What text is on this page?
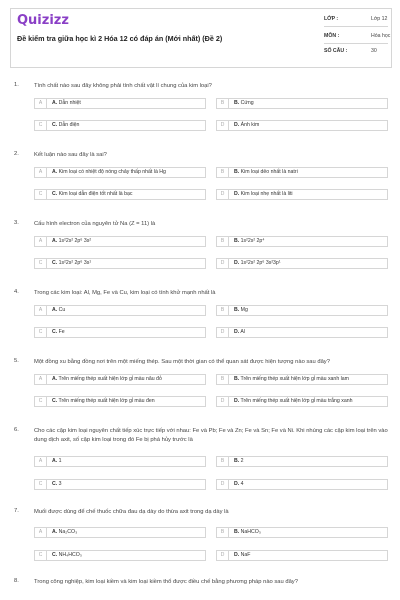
Quizizz
Đề kiểm tra giữa học kì 2 Hóa 12 có đáp án (Mới nhất) (Đề 2)
LỚP :	Lớp 12
MÔN :	Hóa học
SỐ CÂU :	30
1.	Tính chất nào sau đây không phải tính chất vật lí chung của kim loại?
A	A. Dẫn nhiệt	B	B. Cứng
C	C. Dẫn điện	D	D. Ánh kim
2.	Kết luận nào sau đây là sai?
A	A. Kim loại có nhiệt độ nóng chảy thấp nhất là Hg	B	B. Kim loại dẻo nhất là natri
C	C. Kim loại dẫn điện tốt nhất là bạc	D	D. Kim loại nhẹ nhất là liti
3.	Cấu hình electron của nguyên tử Na (Z = 11) là
A	A. 1s²2s² 2p⁶ 3s²	B	B. 1s²2s² 2p⁴
C	C. 1s²2s² 2p⁶ 3s¹	D	D. 1s²2s² 2p⁶ 3s²3p¹
4.	Trong các kim loại: Al, Mg, Fe và Cu, kim loại có tính khử mạnh nhất là
A	A. Cu	B	B. Mg
C	C. Fe	D	D. Al
5.	Một đồng xu bằng đồng nơi trên một miếng thép. Sau một thời gian có thể quan sát được hiện tượng nào sau đây?
A	A. Trên miếng thép xuất hiện lớp gỉ màu nâu đỏ	B	B. Trên miếng thép xuất hiện lớp gỉ màu xanh lam
C	C. Trên miếng thép xuất hiện lớp gỉ màu đen	D	D. Trên miếng thép xuất hiện lớp gỉ màu trắng xanh
6.	Cho các cặp kim loại nguyên chất tiếp xúc trực tiếp với nhau: Fe và Pb; Fe và Zn; Fe và Sn; Fe và Ni. Khi nhúng các cặp kim loại trên vào dung dịch axit, số cặp kim loại trong đó Fe bị phá hủy trước là
A	A. 1	B	B. 2
C	C. 3	D	D. 4
7.	Muối được dùng để chế thuốc chữa đau dạ dày do thừa axit trong dạ dày là
A	A. Na₂CO₃	B	B. NaHCO₃
C	C. NH₄HCO₃	D	D. NaF
8.	Trong công nghiệp, kim loại kiềm và kim loại kiềm thổ được điều chế bằng phương pháp nào sau đây?
